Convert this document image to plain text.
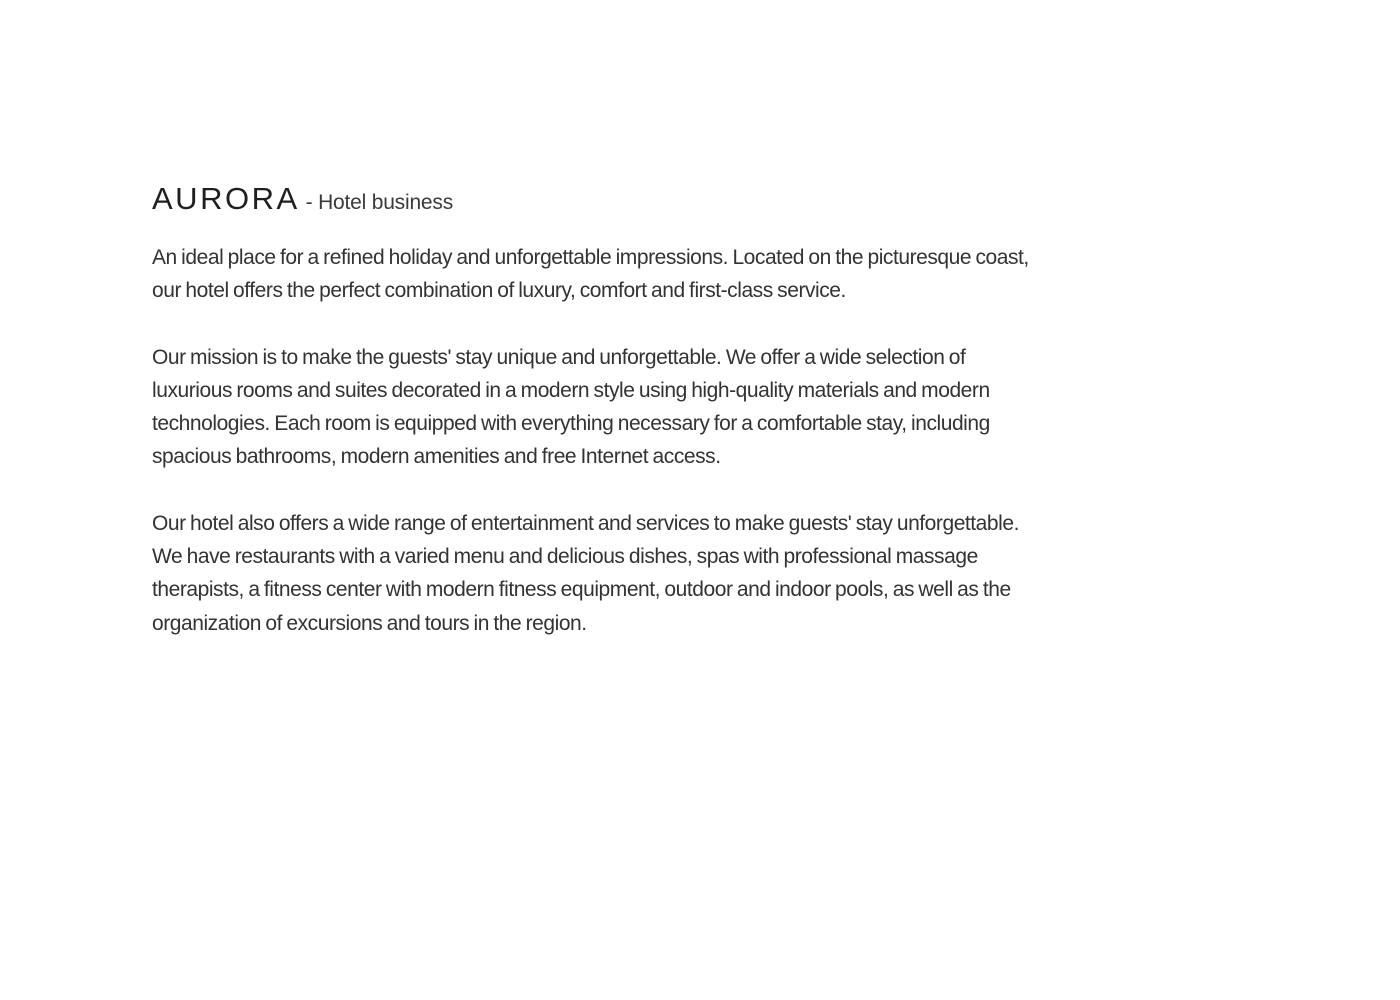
AURORA - Hotel business

An ideal place for a refined holiday and unforgettable impressions. Located on the picturesque coast, our hotel offers the perfect combination of luxury, comfort and first-class service.

Our mission is to make the guests' stay unique and unforgettable. We offer a wide selection of luxurious rooms and suites decorated in a modern style using high-quality materials and modern technologies. Each room is equipped with everything necessary for a comfortable stay, including spacious bathrooms, modern amenities and free Internet access.

Our hotel also offers a wide range of entertainment and services to make guests' stay unforgettable. We have restaurants with a varied menu and delicious dishes, spas with professional massage therapists, a fitness center with modern fitness equipment, outdoor and indoor pools, as well as the organization of excursions and tours in the region.
